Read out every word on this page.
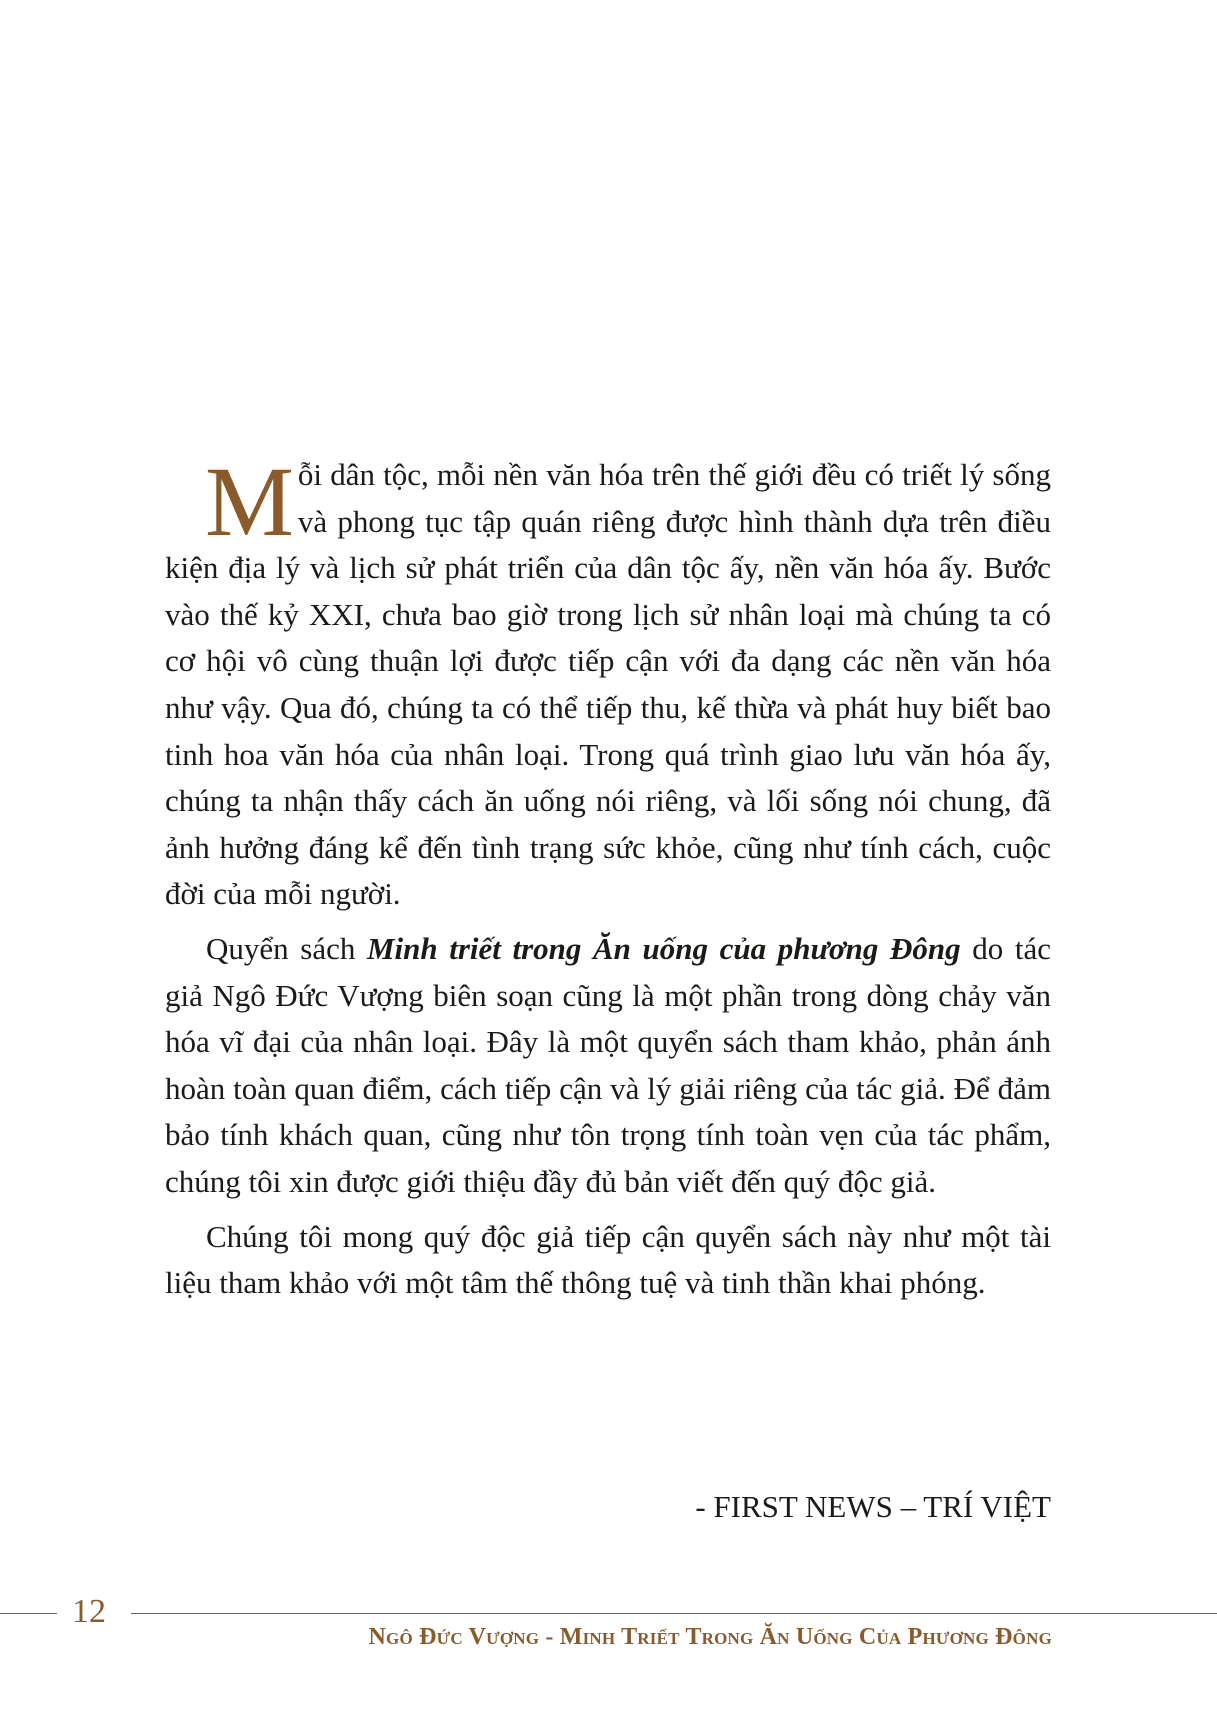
Mỗi dân tộc, mỗi nền văn hóa trên thế giới đều có triết lý sống và phong tục tập quán riêng được hình thành dựa trên điều kiện địa lý và lịch sử phát triển của dân tộc ấy, nền văn hóa ấy. Bước vào thế kỷ XXI, chưa bao giờ trong lịch sử nhân loại mà chúng ta có cơ hội vô cùng thuận lợi được tiếp cận với đa dạng các nền văn hóa như vậy. Qua đó, chúng ta có thể tiếp thu, kế thừa và phát huy biết bao tinh hoa văn hóa của nhân loại. Trong quá trình giao lưu văn hóa ấy, chúng ta nhận thấy cách ăn uống nói riêng, và lối sống nói chung, đã ảnh hưởng đáng kể đến tình trạng sức khỏe, cũng như tính cách, cuộc đời của mỗi người.

Quyển sách Minh triết trong Ăn uống của phương Đông do tác giả Ngô Đức Vượng biên soạn cũng là một phần trong dòng chảy văn hóa vĩ đại của nhân loại. Đây là một quyển sách tham khảo, phản ánh hoàn toàn quan điểm, cách tiếp cận và lý giải riêng của tác giả. Để đảm bảo tính khách quan, cũng như tôn trọng tính toàn vẹn của tác phẩm, chúng tôi xin được giới thiệu đầy đủ bản viết đến quý độc giả.

Chúng tôi mong quý độc giả tiếp cận quyển sách này như một tài liệu tham khảo với một tâm thế thông tuệ và tinh thần khai phóng.

- FIRST NEWS – TRÍ VIỆT

12

Ngô Đức Vượng - Minh Triết Trong Ăn Uống Của Phương Đông
